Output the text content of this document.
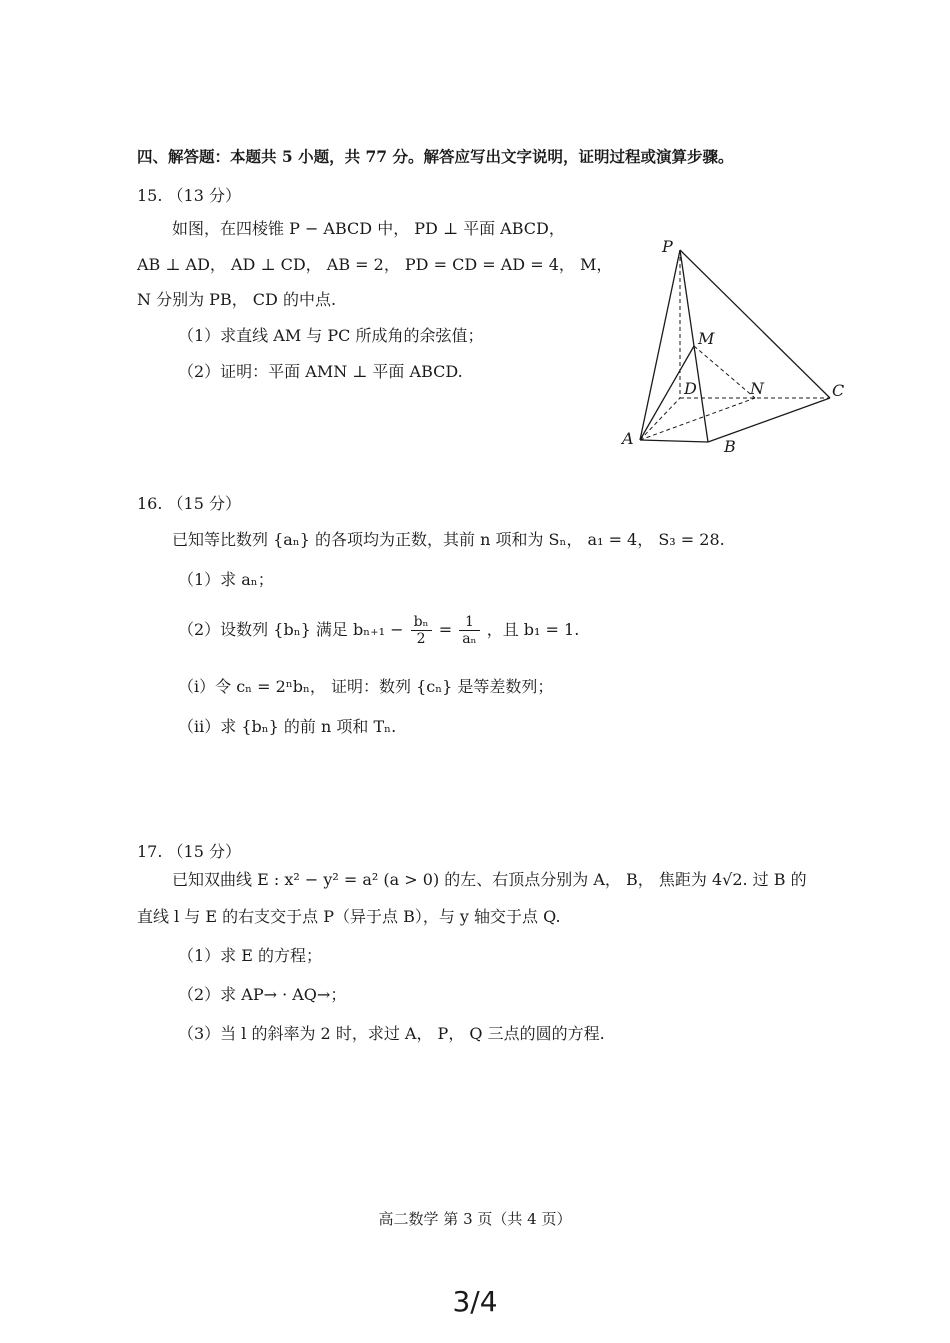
四、解答题：本题共 5 小题，共 77 分。解答应写出文字说明，证明过程或演算步骤。
15. （13 分）
如图，在四棱锥 P − ABCD 中， PD ⊥ 平面 ABCD，
AB ⊥ AD， AD ⊥ CD， AB = 2， PD = CD = AD = 4， M，
N 分别为 PB， CD 的中点.
（1）求直线 AM 与 PC 所成角的余弦值；
（2）证明：平面 AMN ⊥ 平面 ABCD.
P
M
D	N	C
A	B
16. （15 分）
已知等比数列 {aₙ} 的各项均为正数，其前 n 项和为 Sₙ， a₁ = 4， S₃ = 28.
（1）求 aₙ；
（2）设数列 {bₙ} 满足 $b_{n+1} - \frac{\text{bₙ}}{2} = \frac{1}{\text{aₙ}}$ ，且 b₁ = 1.
（i）令 cₙ = 2ⁿbₙ， 证明：数列 {cₙ} 是等差数列；
（ii）求 {bₙ} 的前 n 项和 Tₙ.
17. （15 分）
已知双曲线 E : x² − y² = a² (a > 0) 的左、右顶点分别为 A， B， 焦距为 4√2. 过 B 的
直线 l 与 E 的右支交于点 P（异于点 B），与 y 轴交于点 Q.
（1）求 E 的方程；
（2）求 AP→ · AQ→；
（3）当 l 的斜率为 2 时，求过 A， P， Q 三点的圆的方程.
高二数学 第 3 页（共 4 页）
3/4
